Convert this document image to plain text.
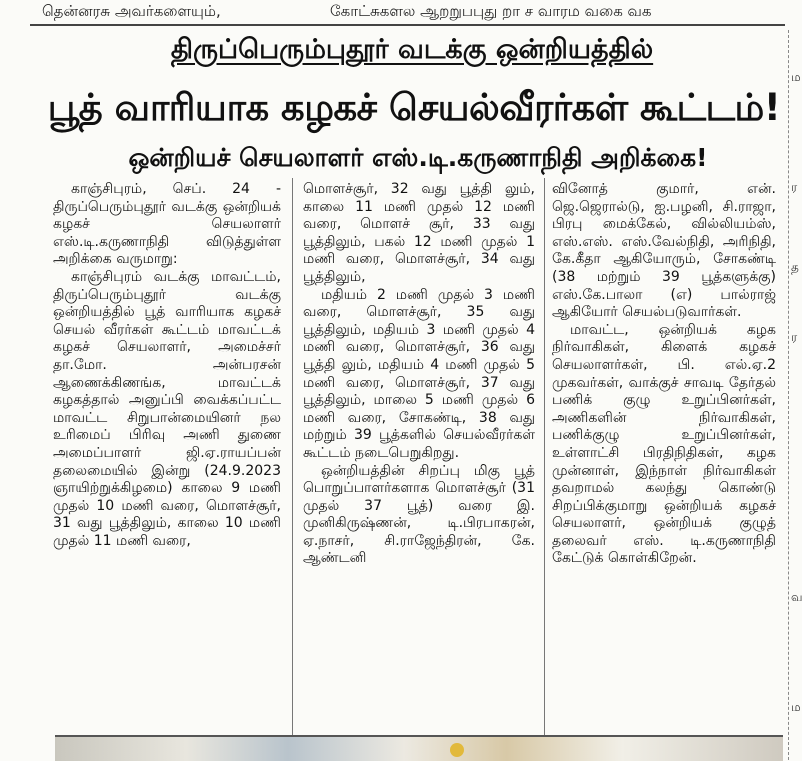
தென்னரசு அவர்களையும்,	கோட்சுகளல ஆறறுபபுது றா ச வாரம வகை வக
ம
ர
த
ர
வ
ம
திருப்பெரும்புதூர் வடக்கு ஒன்றியத்தில்
பூத் வாரியாக கழகச் செயல்வீரர்கள் கூட்டம்!
ஒன்றியச் செயலாளர் எஸ்.டி.கருணாநிதி அறிக்கை!

காஞ்சிபுரம், செப். 24 - திருப்பெரும்புதூர் வடக்கு ஒன்றியக் கழகச் செயலாளர் எஸ்.டி.கருணாநிதி விடுத்துள்ள அறிக்கை வருமாறு:

காஞ்சிபுரம் வடக்கு மாவட்டம், திருப்பெரும்புதூர் வடக்கு ஒன்றியத்தில் பூத் வாரியாக கழகச் செயல் வீரர்கள் கூட்டம் மாவட்டக் கழகச் செயலாளர், அமைச்சர் தா.மோ. அன்பரசன் ஆணைக்கிணங்க, மாவட்டக் கழகத்தால் அனுப்பி வைக்கப்பட்ட மாவட்ட சிறுபான்மையினர் நல உரிமைப் பிரிவு அணி துணை அமைப்பாளர் ஜி.ஏ.ராயப்பன் தலைமையில் இன்று (24.9.2023 ஞாயிற்றுக்கிழமை) காலை 9 மணி முதல் 10 மணி வரை, மொளச்சூர், 31 வது பூத்திலும், காலை 10 மணி முதல் 11 மணி வரை,

மொளச்சூர், 32 வது பூத்தி லும், காலை 11 மணி முதல் 12 மணி வரை, மொளச் சூர், 33 வது பூத்திலும், பகல் 12 மணி முதல் 1 மணி வரை, மொளச்சூர், 34 வது பூத்திலும்,

மதியம் 2 மணி முதல் 3 மணி வரை, மொளச்சூர், 35 வது பூத்திலும், மதியம் 3 மணி முதல் 4 மணி வரை, மொளச்சூர், 36 வது பூத்தி லும், மதியம் 4 மணி முதல் 5 மணி வரை, மொளச்சூர், 37 வது பூத்திலும், மாலை 5 மணி முதல் 6 மணி வரை, சோகண்டி, 38 வது மற்றும் 39 பூத்களில் செயல்வீரர்கள் கூட்டம் நடைபெறுகிறது.

ஒன்றியத்தின் சிறப்பு மிகு பூத் பொறுப்பாளர்களாக மொளச்சூர் (31 முதல் 37 பூத்) வரை இ. முனிகிருஷ்ணன், டி.பிரபாகரன், ஏ.நாசர், சி.ராஜேந்திரன், கே. ஆண்டனி

வினோத் குமார், என். ஜெ.ஜெரால்டு, ஐ.பழனி, சி.ராஜா, பிரபு மைக்கேல், வில்லியம்ஸ், எஸ்.எஸ். எஸ்.வேல்நிதி, அரிநிதி, கே.கீதா ஆகியோரும், சோகண்டி (38 மற்றும் 39 பூத்களுக்கு) எஸ்.கே.பாலா (எ) பால்ராஜ் ஆகியோர் செயல்படுவார்கள்.

மாவட்ட, ஒன்றியக் கழக நிர்வாகிகள், கிளைக் கழகச் செயலாளர்கள், பி. எல்.ஏ.2 முகவர்கள், வாக்குச் சாவடி தேர்தல் பணிக் குழு உறுப்பினர்கள், அணிகளின் நிர்வாகிகள், பணிக்குழு உறுப்பினர்கள், உள்ளாட்சி பிரதிநிதிகள், கழக முன்னாள், இந்நாள் நிர்வாகிகள் தவறாமல் கலந்து கொண்டு சிறப்பிக்குமாறு ஒன்றியக் கழகச் செயலாளர், ஒன்றியக் குழுத் தலைவர் எஸ். டி.கருணாநிதி கேட்டுக் கொள்கிறேன்.
